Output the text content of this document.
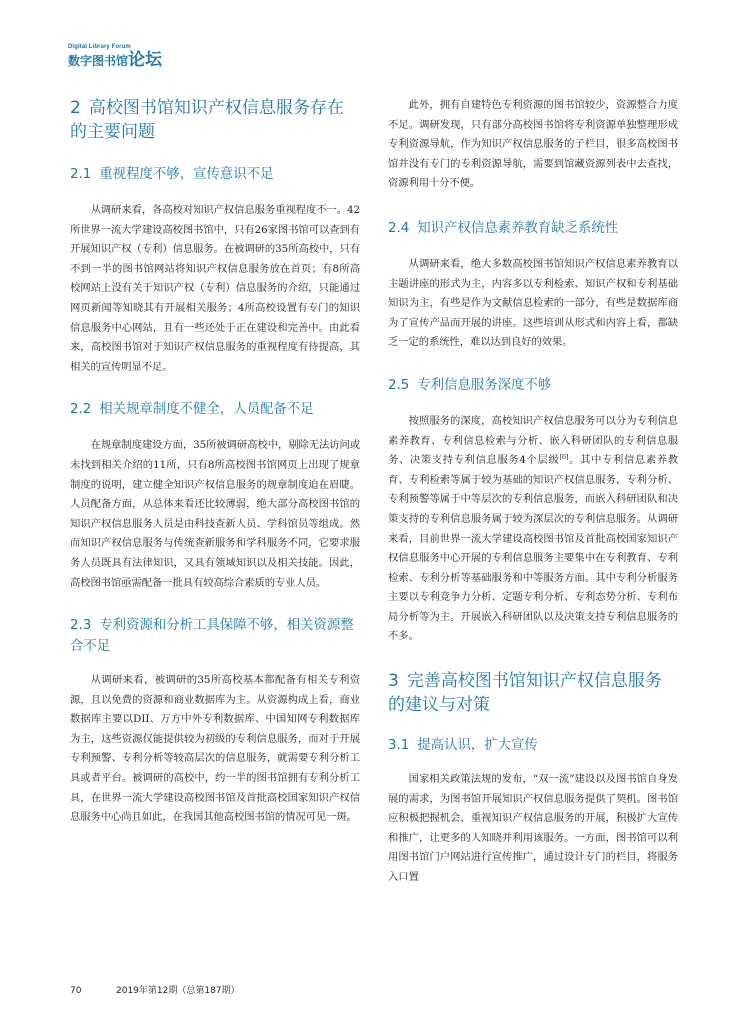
Digital Library Forum
数字图书馆论坛
2 高校图书馆知识产权信息服务存在的主要问题
2.1 重视程度不够，宣传意识不足

从调研来看，各高校对知识产权信息服务重视程度不一。42所世界一流大学建设高校图书馆中，只有26家图书馆可以查到有开展知识产权（专利）信息服务。在被调研的35所高校中，只有不到一半的图书馆网站将知识产权信息服务放在首页；有8所高校网站上没有关于知识产权（专利）信息服务的介绍，只能通过网页新闻等知晓其有开展相关服务；4所高校设置有专门的知识信息服务中心网站，且有一些还处于正在建设和完善中。由此看来，高校图书馆对于知识产权信息服务的重视程度有待提高，其相关的宣传明显不足。

2.2 相关规章制度不健全，人员配备不足

在规章制度建设方面，35所被调研高校中，剔除无法访问或未找到相关介绍的11所，只有8所高校图书馆网页上出现了规章制度的说明，建立健全知识产权信息服务的规章制度迫在眉睫。人员配备方面，从总体来看还比较薄弱，绝大部分高校图书馆的知识产权信息服务人员是由科技查新人员、学科馆员等组成。然而知识产权信息服务与传统查新服务和学科服务不同，它要求服务人员既具有法律知识，又具有领域知识以及相关技能。因此，高校图书馆亟需配备一批具有较高综合素质的专业人员。

2.3 专利资源和分析工具保障不够，相关资源整合不足

从调研来看，被调研的35所高校基本都配备有相关专利资源，且以免费的资源和商业数据库为主。从资源构成上看，商业数据库主要以DII、万方中外专利数据库、中国知网专利数据库为主，这些资源仅能提供较为初级的专利信息服务，而对于开展专利预警、专利分析等较高层次的信息服务，就需要专利分析工具或者平台。被调研的高校中，约一半的图书馆拥有专利分析工具，在世界一流大学建设高校图书馆及首批高校国家知识产权信息服务中心尚且如此，在我国其他高校图书馆的情况可见一斑。

此外，拥有自建特色专利资源的图书馆较少，资源整合力度不足。调研发现，只有部分高校图书馆将专利资源单独整理形成专利资源导航，作为知识产权信息服务的子栏目，很多高校图书馆并没有专门的专利资源导航，需要到馆藏资源列表中去查找，资源利用十分不便。

2.4 知识产权信息素养教育缺乏系统性

从调研来看，绝大多数高校图书馆知识产权信息素养教育以主题讲座的形式为主，内容多以专利检索、知识产权和专利基础知识为主，有些是作为文献信息检索的一部分，有些是数据库商为了宣传产品而开展的讲座。这些培训从形式和内容上看，都缺乏一定的系统性，难以达到良好的效果。

2.5 专利信息服务深度不够

按照服务的深度，高校知识产权信息服务可以分为专利信息素养教育、专利信息检索与分析、嵌入科研团队的专利信息服务、决策支持专利信息服务4个层级[6]。其中专利信息素养教育、专利检索等属于较为基础的知识产权信息服务，专利分析、专利预警等属于中等层次的专利信息服务，而嵌入科研团队和决策支持的专利信息服务属于较为深层次的专利信息服务。从调研来看，目前世界一流大学建设高校图书馆及首批高校国家知识产权信息服务中心开展的专利信息服务主要集中在专利教育、专利检索、专利分析等基础服务和中等服务方面。其中专利分析服务主要以专利竞争力分析、定题专利分析、专利态势分析、专利布局分析等为主。开展嵌入科研团队以及决策支持专利信息服务的不多。

3 完善高校图书馆知识产权信息服务的建议与对策
3.1 提高认识，扩大宣传

国家相关政策法规的发布，“双一流”建设以及图书馆自身发展的需求，为图书馆开展知识产权信息服务提供了契机。图书馆应积极把握机会，重视知识产权信息服务的开展，积极扩大宣传和推广，让更多的人知晓并利用该服务。一方面，图书馆可以利用图书馆门户网站进行宣传推广，通过设计专门的栏目，将服务入口置

70	2019年第12期（总第187期）
